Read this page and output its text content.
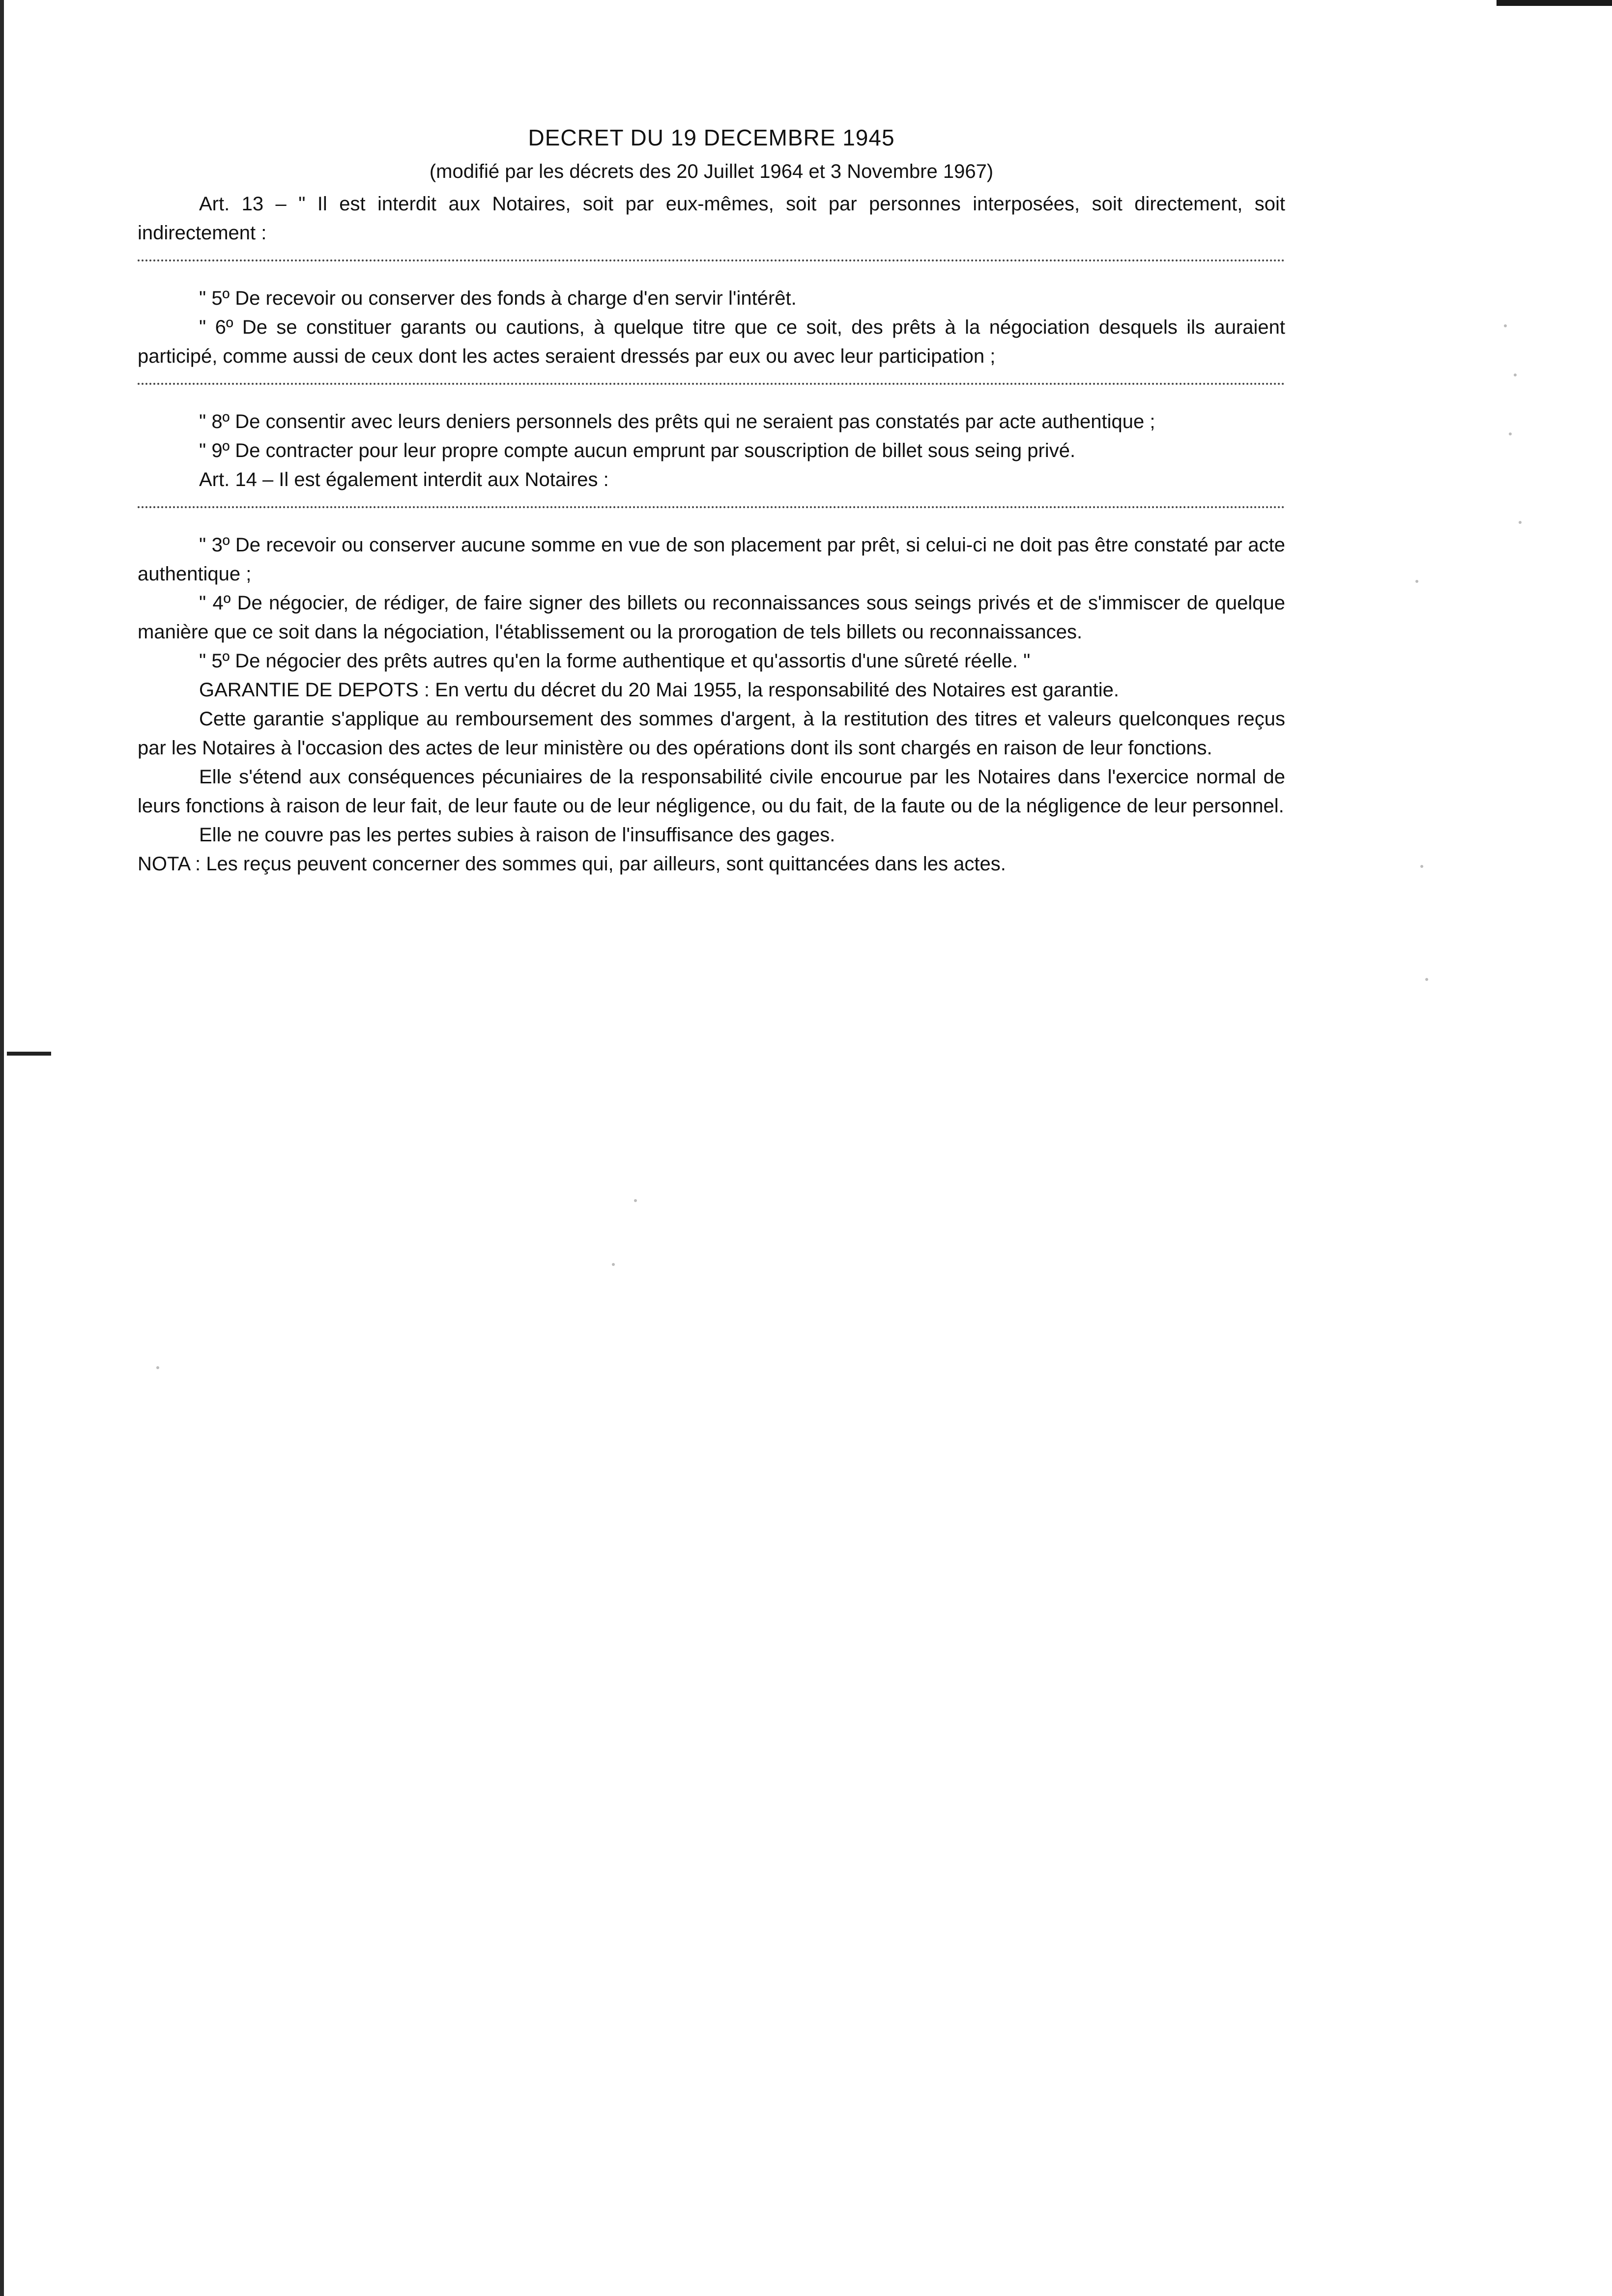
DECRET DU 19 DECEMBRE 1945

(modifié par les décrets des 20 Juillet 1964 et 3 Novembre 1967)

Art. 13 – " Il est interdit aux Notaires, soit par eux-mêmes, soit par personnes interposées, soit directement, soit indirectement :

" 5º De recevoir ou conserver des fonds à charge d'en servir l'intérêt.

" 6º De se constituer garants ou cautions, à quelque titre que ce soit, des prêts à la négociation desquels ils auraient participé, comme aussi de ceux dont les actes seraient dressés par eux ou avec leur participation ;

" 8º De consentir avec leurs deniers personnels des prêts qui ne seraient pas constatés par acte authentique ;

" 9º De contracter pour leur propre compte aucun emprunt par souscription de billet sous seing privé.

Art. 14 – Il est également interdit aux Notaires :

" 3º De recevoir ou conserver aucune somme en vue de son placement par prêt, si celui-ci ne doit pas être constaté par acte authentique ;

" 4º De négocier, de rédiger, de faire signer des billets ou reconnaissances sous seings privés et de s'immiscer de quelque manière que ce soit dans la négociation, l'établissement ou la prorogation de tels billets ou reconnaissances.

" 5º De négocier des prêts autres qu'en la forme authentique et qu'assortis d'une sûreté réelle. "

GARANTIE DE DEPOTS : En vertu du décret du 20 Mai 1955, la responsabilité des Notaires est garantie.

Cette garantie s'applique au remboursement des sommes d'argent, à la restitution des titres et valeurs quelconques reçus par les Notaires à l'occasion des actes de leur ministère ou des opérations dont ils sont chargés en raison de leur fonctions.

Elle s'étend aux conséquences pécuniaires de la responsabilité civile encourue par les Notaires dans l'exercice normal de leurs fonctions à raison de leur fait, de leur faute ou de leur négligence, ou du fait, de la faute ou de la négligence de leur personnel.

Elle ne couvre pas les pertes subies à raison de l'insuffisance des gages.

NOTA : Les reçus peuvent concerner des sommes qui, par ailleurs, sont quittancées dans les actes.
